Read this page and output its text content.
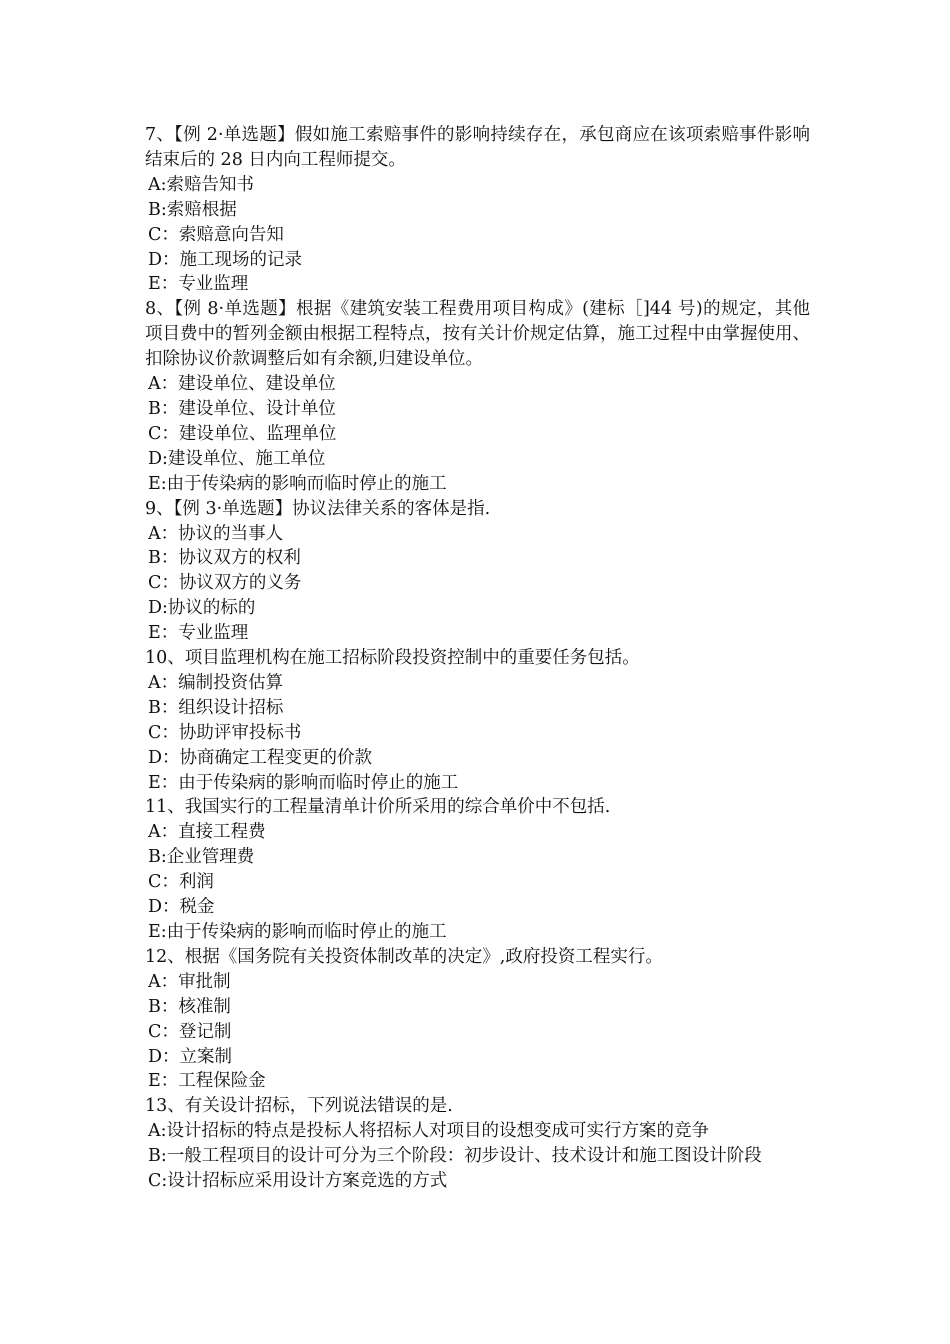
7、【例 2·单选题】假如施工索赔事件的影响持续存在，承包商应在该项索赔事件影响结束后的 28 日内向工程师提交。

A:索赔告知书

B:索赔根据

C：索赔意向告知

D：施工现场的记录

E：专业监理

8、【例 8·单选题】根据《建筑安装工程费用项目构成》(建标［]44 号)的规定，其他项目费中的暂列金额由根据工程特点，按有关计价规定估算，施工过程中由掌握使用、扣除协议价款调整后如有余额,归建设单位。

A：建设单位、建设单位

B：建设单位、设计单位

C：建设单位、监理单位

D:建设单位、施工单位

E:由于传染病的影响而临时停止的施工

9、【例 3·单选题】协议法律关系的客体是指.

A：协议的当事人

B：协议双方的权利

C：协议双方的义务

D:协议的标的

E：专业监理

10、项目监理机构在施工招标阶段投资控制中的重要任务包括。

A：编制投资估算

B：组织设计招标

C：协助评审投标书

D：协商确定工程变更的价款

E：由于传染病的影响而临时停止的施工

11、我国实行的工程量清单计价所采用的综合单价中不包括.

A：直接工程费

B:企业管理费

C：利润

D：税金

E:由于传染病的影响而临时停止的施工

12、根据《国务院有关投资体制改革的决定》,政府投资工程实行。

A：审批制

B：核准制

C：登记制

D：立案制

E：工程保险金

13、有关设计招标，下列说法错误的是.

A:设计招标的特点是投标人将招标人对项目的设想变成可实行方案的竞争

B:一般工程项目的设计可分为三个阶段：初步设计、技术设计和施工图设计阶段

C:设计招标应采用设计方案竞选的方式
